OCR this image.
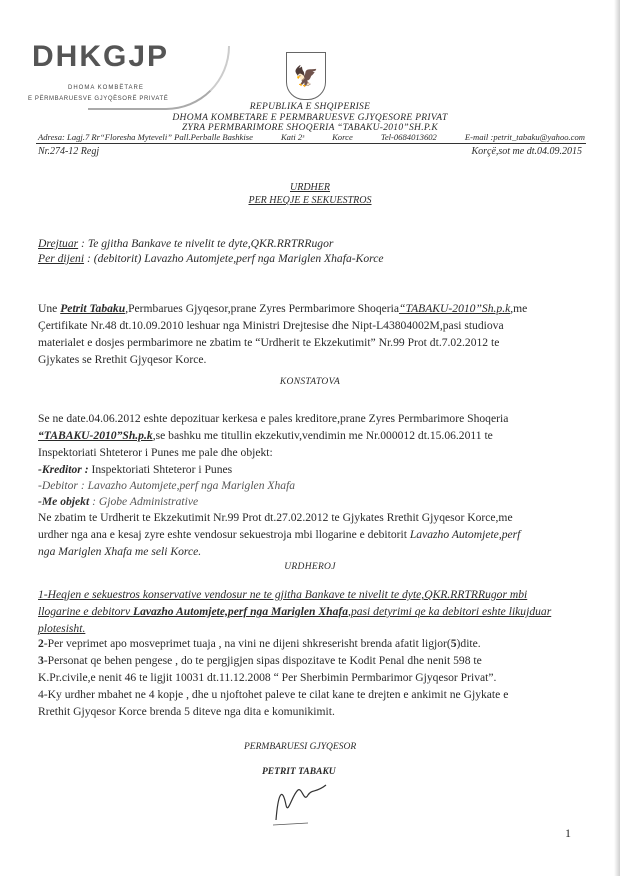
DHKGJP
DHOMA KOMBËTARE
E PËRMBARUESVE GJYQËSORË PRIVATË
🦅
REPUBLIKA E SHQIPERISE
DHOMA KOMBETARE E PERMBARUESVE GJYQESORE PRIVAT
ZYRA PERMBARIMORE SHOQERIA “TABAKU-2010”SH.P.K
Adresa: Lagj.7 Rr“Floresha Myteveli” Pall.Perballe Bashkise	Kati 2ˢ	Korce	Tel-0684013602	E-mail :petrit_tabaku@yahoo.com
Nr.274-12 Regj	Korçë,sot me dt.04.09.2015
URDHER
PER HEQJE E SEKUESTROS
Drejtuar : Te gjitha Bankave te nivelit te dyte,QKR.RRTRRugor
Per dijeni : (debitorit) Lavazho Automjete,perf nga Mariglen Xhafa-Korce
Une Petrit Tabaku,Permbarues Gjyqesor,prane Zyres Permbarimore Shoqeria“TABAKU-2010”Sh.p.k,me
Çertifikate Nr.48 dt.10.09.2010 leshuar nga Ministri Drejtesise dhe Nipt-L43804002M,pasi studiova
materialet e dosjes permbarimore ne zbatim te “Urdherit te Ekzekutimit” Nr.99 Prot dt.7.02.2012 te
Gjykates se Rrethit Gjyqesor Korce.
KONSTATOVA
Se ne date.04.06.2012 eshte depozituar kerkesa e pales kreditore,prane Zyres Permbarimore Shoqeria
“TABAKU-2010”Sh.p.k,se bashku me titullin ekzekutiv,vendimin me Nr.000012 dt.15.06.2011 te
Inspektoriati Shteteror i Punes me pale dhe objekt:
-Kreditor : Inspektoriati Shteteror i Punes
-Debitor : Lavazho Automjete,perf nga Mariglen Xhafa
-Me objekt : Gjobe Administrative
Ne zbatim te Urdherit te Ekzekutimit Nr.99 Prot dt.27.02.2012 te Gjykates Rrethit Gjyqesor Korce,me
urdher nga ana e kesaj zyre eshte vendosur sekuestroja mbi llogarine e debitorit Lavazho Automjete,perf
nga Mariglen Xhafa me seli Korce.
URDHEROJ
1-Heqjen e sekuestros konservative vendosur ne te gjitha Bankave te nivelit te dyte,QKR.RRTRRugor mbi
llogarine e debitorv Lavazho Automjete,perf nga Mariglen Xhafa,pasi detyrimi qe ka debitori eshte likujduar
plotesisht.
2-Per veprimet apo mosveprimet tuaja , na vini ne dijeni shkreserisht brenda afatit ligjor(5)dite.
3-Personat qe behen pengese , do te pergjigjen sipas dispozitave te Kodit Penal dhe nenit 598 te
K.Pr.civile,e nenit 46 te ligjit 10031 dt.11.12.2008 “ Per Sherbimin Permbarimor Gjyqesor Privat”.
4-Ky urdher mbahet ne 4 kopje , dhe u njoftohet paleve te cilat kane te drejten e ankimit ne Gjykate e
Rrethit Gjyqesor Korce brenda 5 diteve nga dita e komunikimit.
PERMBARUESI GJYQESOR
PETRIT TABAKU
1
